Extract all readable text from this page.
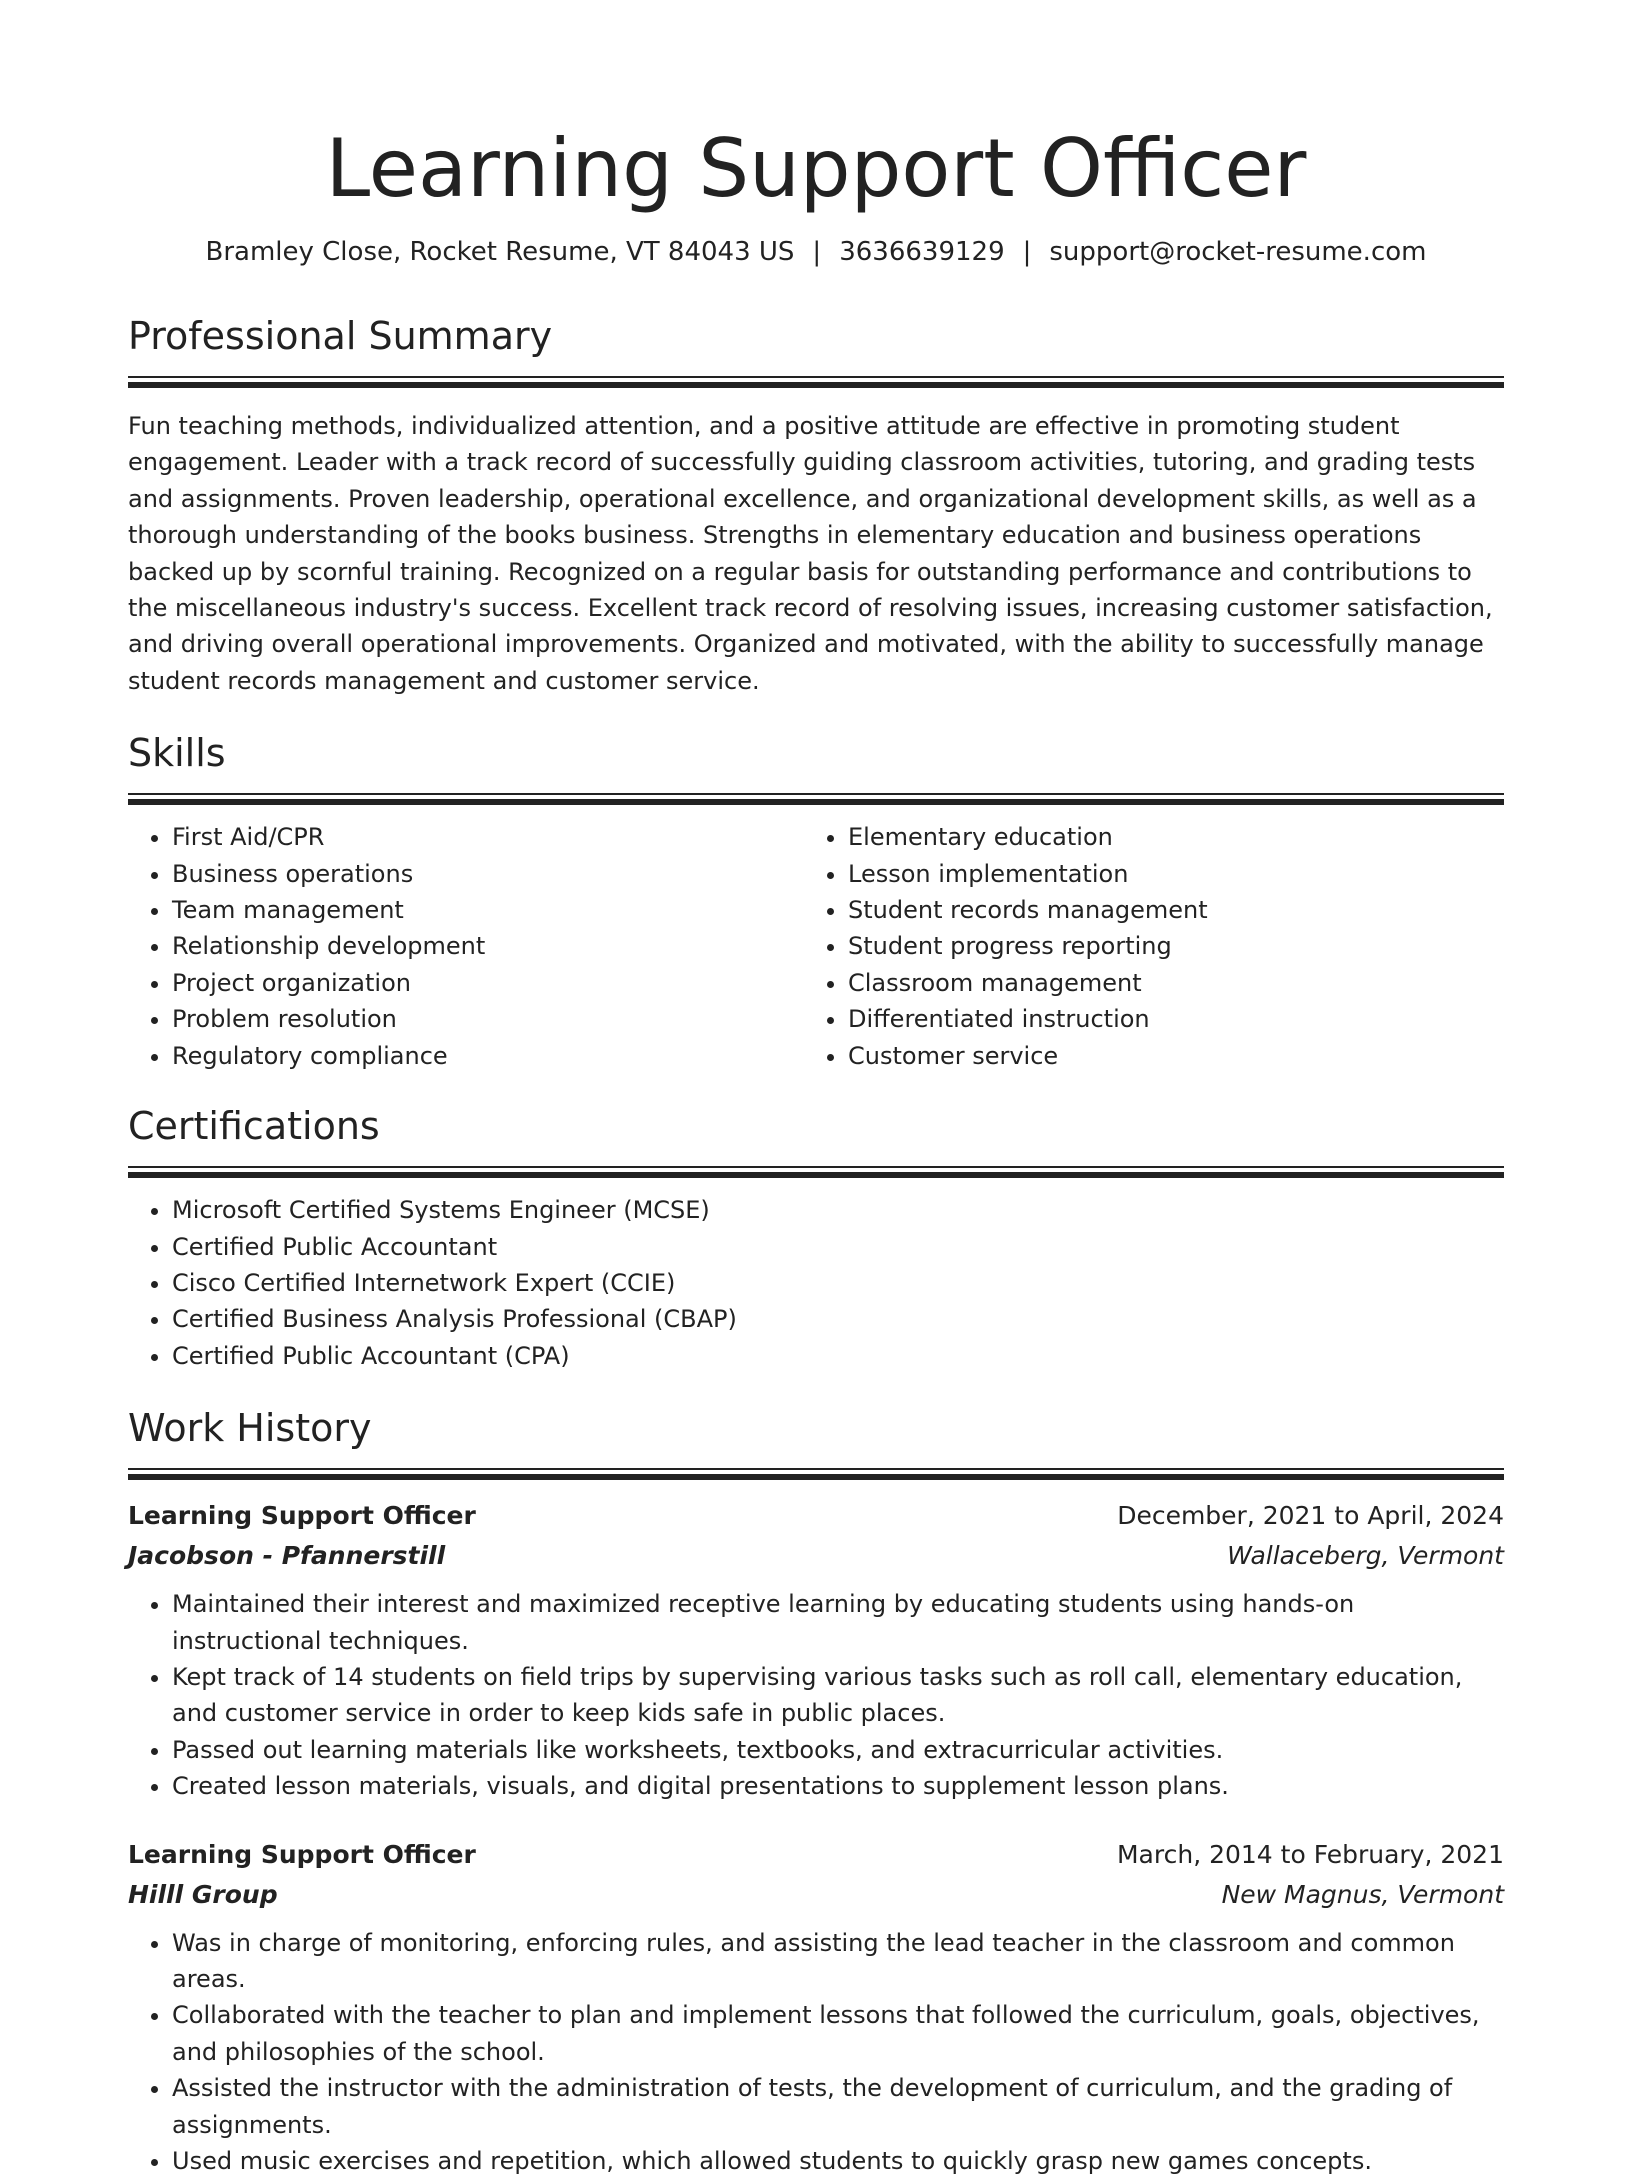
Learning Support Officer
Bramley Close, Rocket Resume, VT 84043 US | 3636639129 | support@rocket-resume.com
Professional Summary

Fun teaching methods, individualized attention, and a positive attitude are effective in promoting student engagement. Leader with a track record of successfully guiding classroom activities, tutoring, and grading tests and assignments. Proven leadership, operational excellence, and organizational development skills, as well as a thorough understanding of the books business. Strengths in elementary education and business operations backed up by scornful training. Recognized on a regular basis for outstanding performance and contributions to the miscellaneous industry's success. Excellent track record of resolving issues, increasing customer satisfaction, and driving overall operational improvements. Organized and motivated, with the ability to successfully manage student records management and customer service.

Skills
• First Aid/CPR
• Business operations
• Team management
• Relationship development
• Project organization
• Problem resolution
• Regulatory compliance
• Elementary education
• Lesson implementation
• Student records management
• Student progress reporting
• Classroom management
• Differentiated instruction
• Customer service
Certifications
• Microsoft Certified Systems Engineer (MCSE)
• Certified Public Accountant
• Cisco Certified Internetwork Expert (CCIE)
• Certified Business Analysis Professional (CBAP)
• Certified Public Accountant (CPA)
Work History
Learning Support Officer	December, 2021 to April, 2024
Jacobson - Pfannerstill	Wallaceberg, Vermont
• Maintained their interest and maximized receptive learning by educating students using hands-on instructional techniques.
• Kept track of 14 students on field trips by supervising various tasks such as roll call, elementary education, and customer service in order to keep kids safe in public places.
• Passed out learning materials like worksheets, textbooks, and extracurricular activities.
• Created lesson materials, visuals, and digital presentations to supplement lesson plans.
Learning Support Officer	March, 2014 to February, 2021
Hilll Group	New Magnus, Vermont
• Was in charge of monitoring, enforcing rules, and assisting the lead teacher in the classroom and common areas.
• Collaborated with the teacher to plan and implement lessons that followed the curriculum, goals, objectives, and philosophies of the school.
• Assisted the instructor with the administration of tests, the development of curriculum, and the grading of assignments.
• Used music exercises and repetition, which allowed students to quickly grasp new games concepts.
